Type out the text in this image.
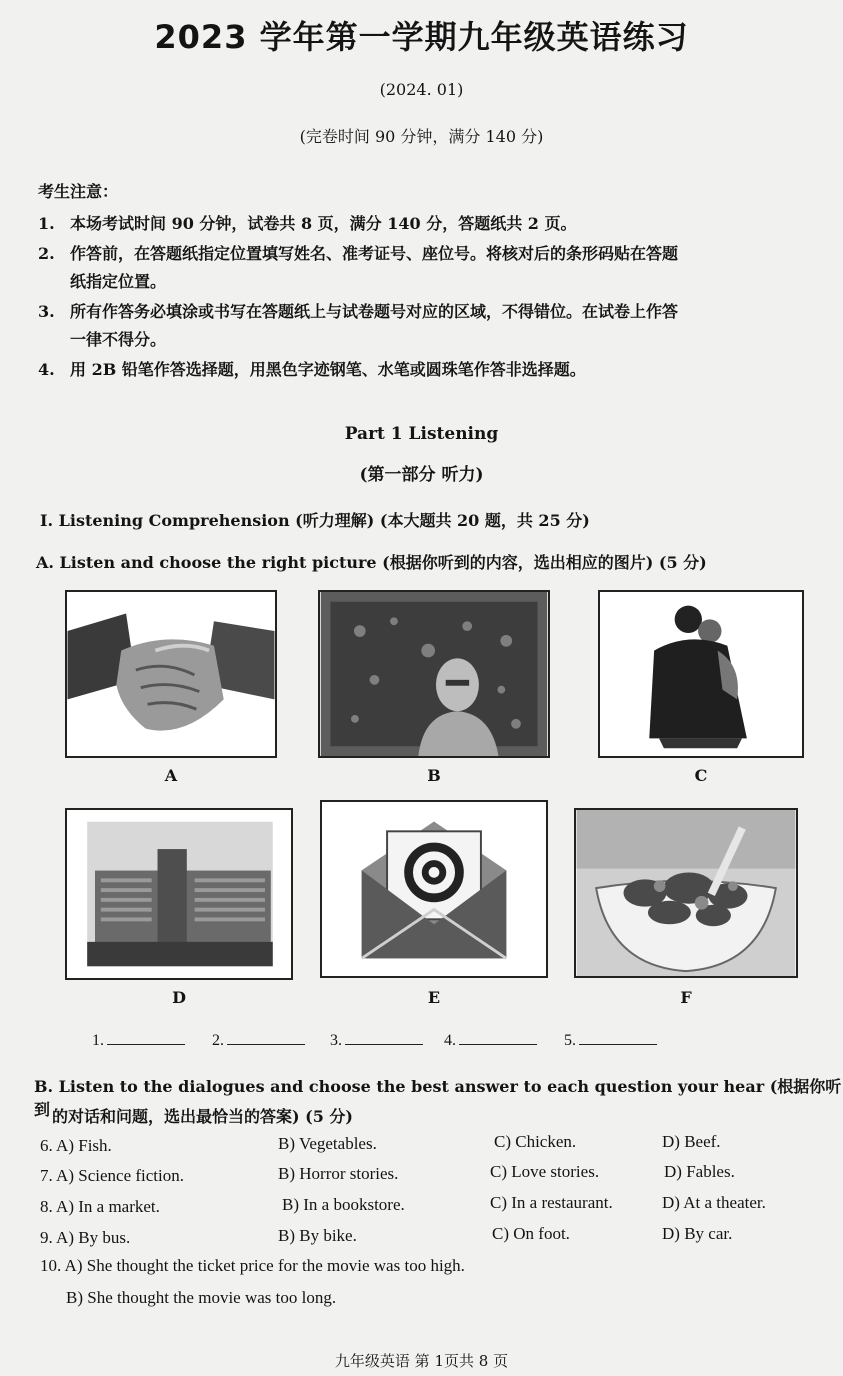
2023 学年第一学期九年级英语练习
(2024. 01)
(完卷时间 90 分钟，满分 140 分)
考生注意：
1. 本场考试时间 90 分钟，试卷共 8 页，满分 140 分，答题纸共 2 页。
2. 作答前，在答题纸指定位置填写姓名、准考证号、座位号。将核对后的条形码贴在答题
纸指定位置。
3. 所有作答务必填涂或书写在答题纸上与试卷题号对应的区域，不得错位。在试卷上作答
一律不得分。
4. 用 2B 铅笔作答选择题，用黑色字迹钢笔、水笔或圆珠笔作答非选择题。
Part 1 Listening
(第一部分 听力)
I. Listening Comprehension (听力理解) (本大题共 20 题，共 25 分)
A. Listen and choose the right picture (根据你听到的内容，选出相应的图片) (5 分)
A	B	C
D	E	F
1.	2.	3.	4.	5.
B. Listen to the dialogues and choose the best answer to each question your hear (根据你听到 的对话和问题，选出最恰当的答案) (5 分)
6. A) Fish.	B) Vegetables.	C) Chicken.	D) Beef.
7. A) Science fiction.	B) Horror stories.	C) Love stories.	D) Fables.
8. A) In a market.	B) In a bookstore.	C) In a restaurant.	D) At a theater.
9. A) By bus.	B) By bike.	C) On foot.	D) By car.
10. A) She thought the ticket price for the movie was too high.
B) She thought the movie was too long.
九年级英语 第 1页共 8 页
